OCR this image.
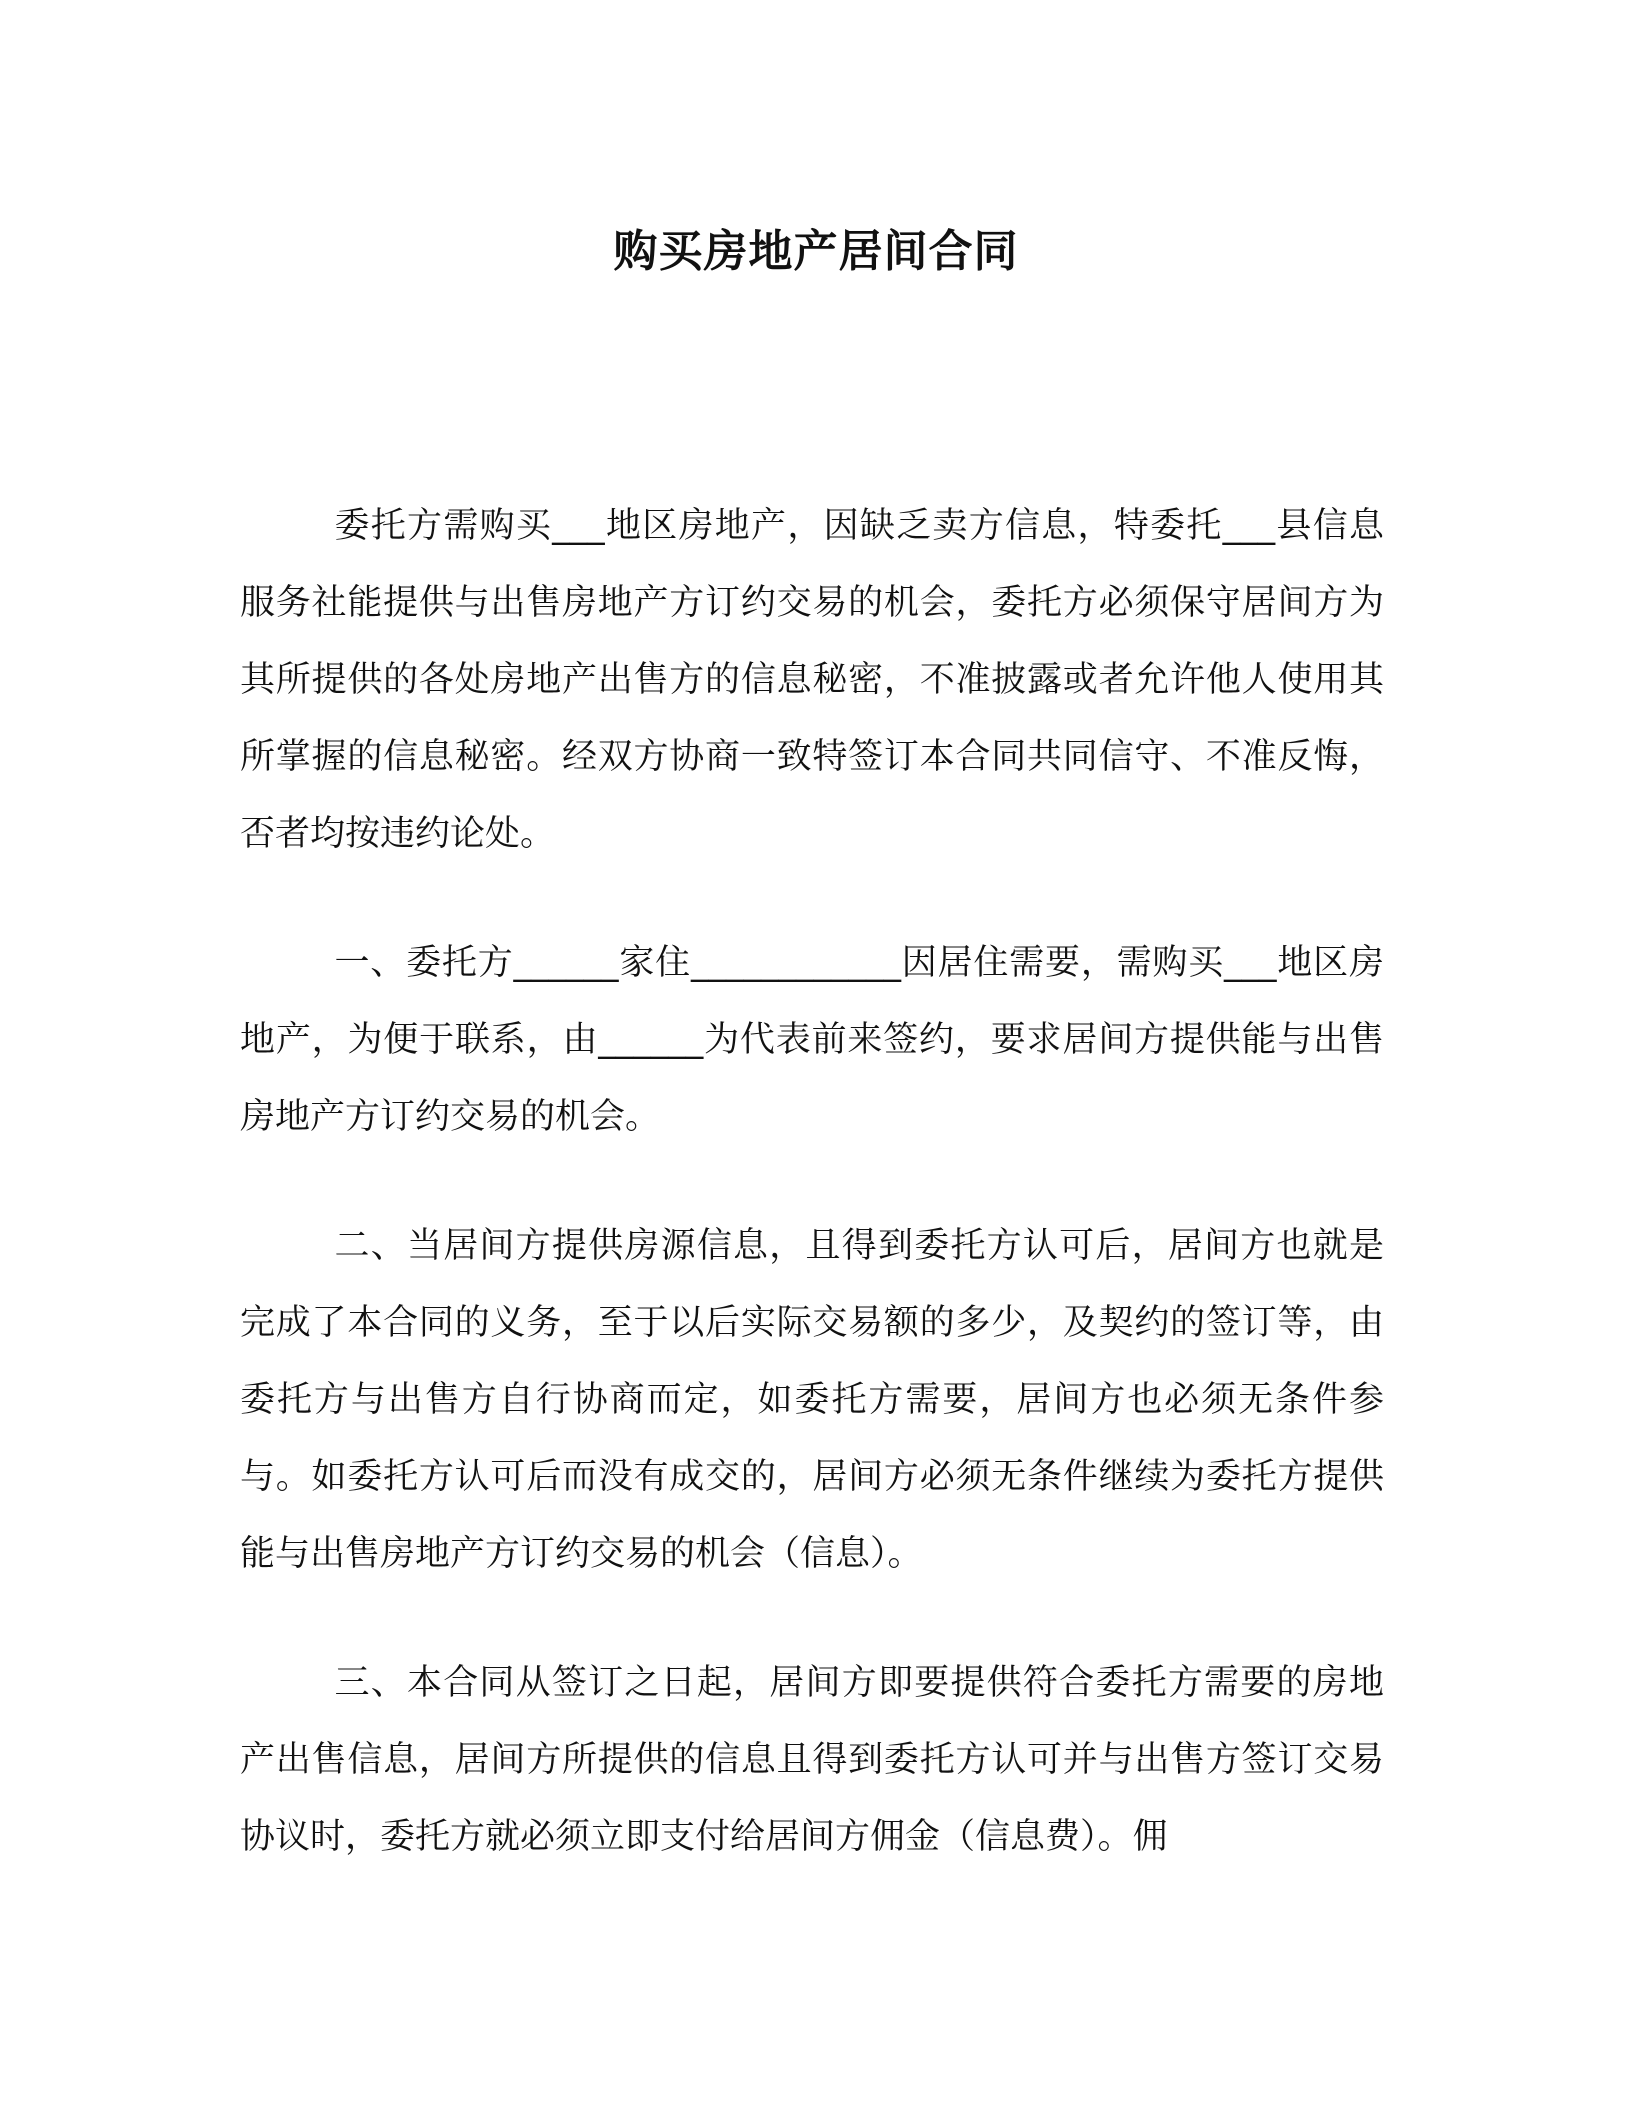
购买房地产居间合同

委托方需购买___地区房地产，因缺乏卖方信息，特委托___县信息服务社能提供与出售房地产方订约交易的机会，委托方必须保守居间方为其所提供的各处房地产出售方的信息秘密，不准披露或者允许他人使用其所掌握的信息秘密。经双方协商一致特签订本合同共同信守、不准反悔，否者均按违约论处。

一、委托方______家住____________因居住需要，需购买___地区房地产，为便于联系，由______为代表前来签约，要求居间方提供能与出售房地产方订约交易的机会。

二、当居间方提供房源信息，且得到委托方认可后，居间方也就是完成了本合同的义务，至于以后实际交易额的多少，及契约的签订等，由委托方与出售方自行协商而定，如委托方需要，居间方也必须无条件参与。如委托方认可后而没有成交的，居间方必须无条件继续为委托方提供能与出售房地产方订约交易的机会（信息）。

三、本合同从签订之日起，居间方即要提供符合委托方需要的房地产出售信息，居间方所提供的信息且得到委托方认可并与出售方签订交易协议时，委托方就必须立即支付给居间方佣金（信息费）。佣
